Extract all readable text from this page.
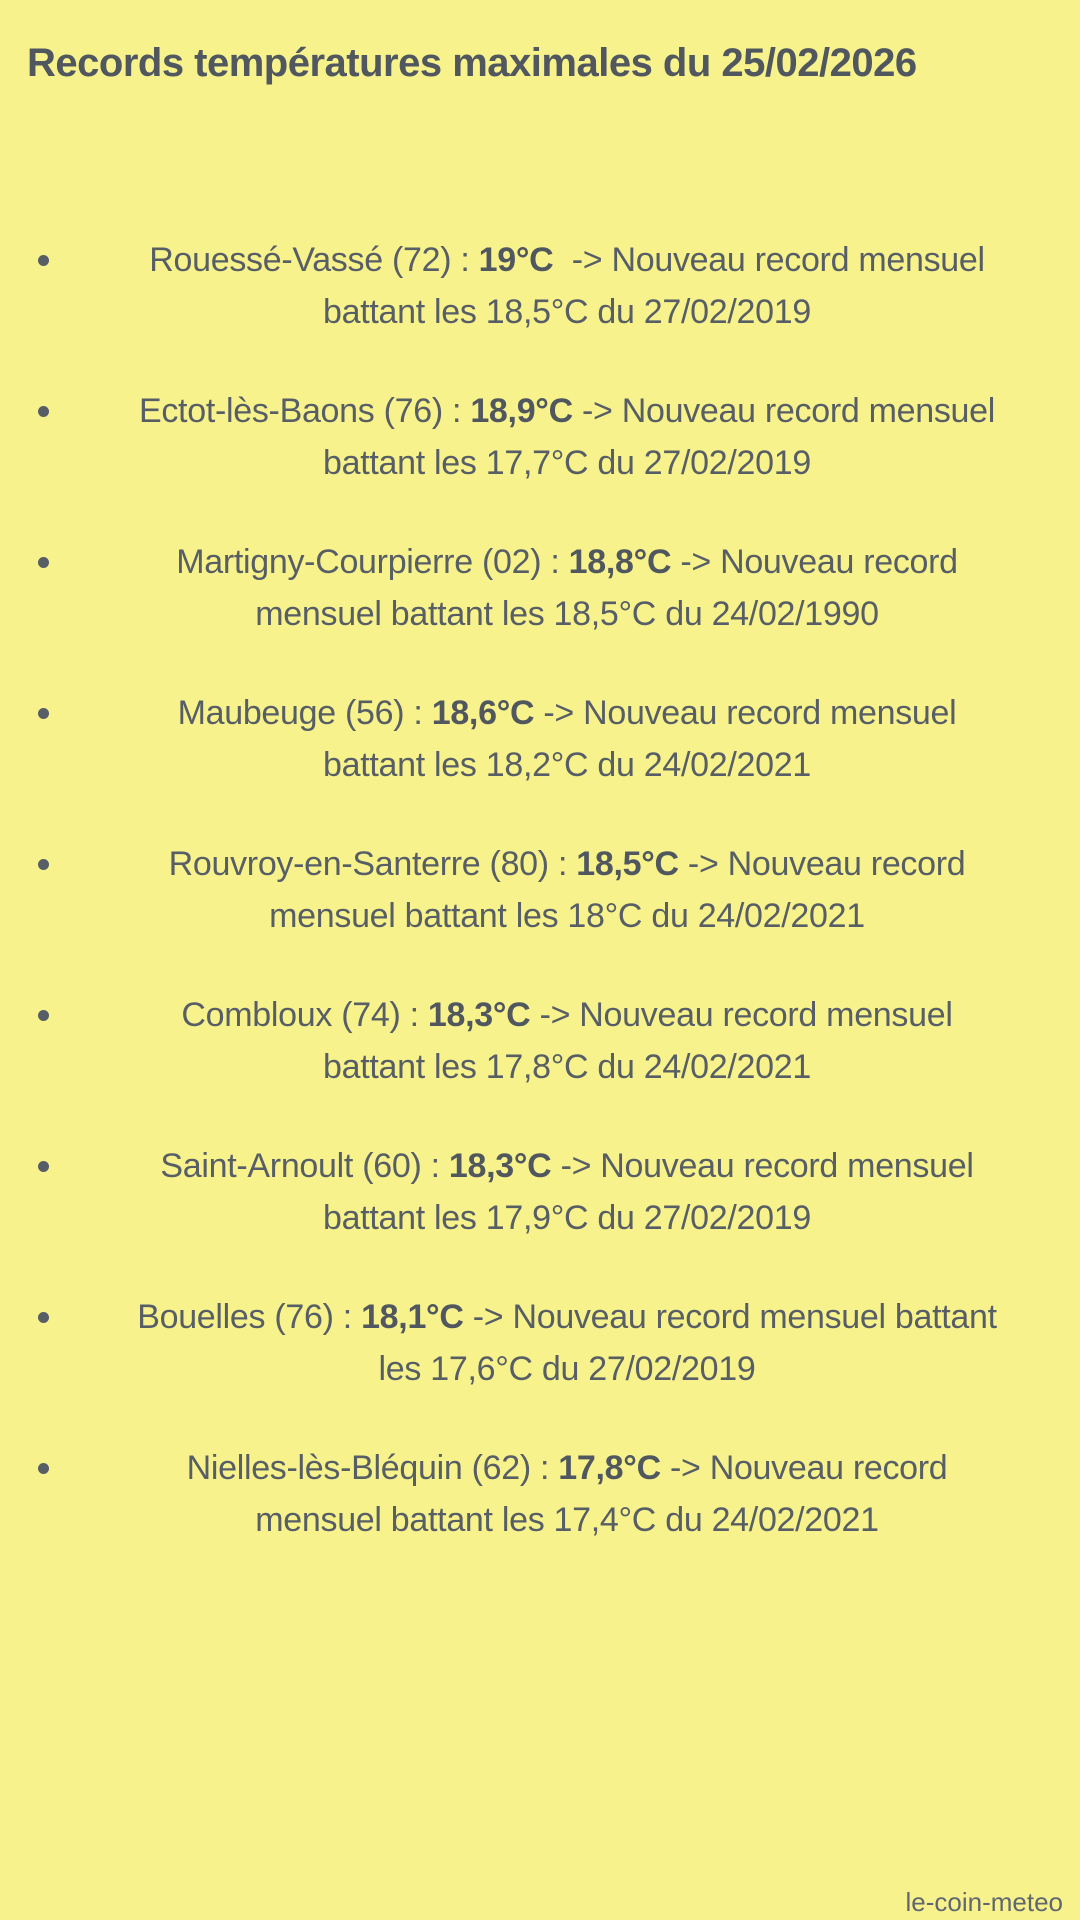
Records températures maximales du 25/02/2026
Rouessé-Vassé (72) : 19°C  -> Nouveau record mensuel
battant les 18,5°C du 27/02/2019
Ectot-lès-Baons (76) : 18,9°C -> Nouveau record mensuel
battant les 17,7°C du 27/02/2019
Martigny-Courpierre (02) : 18,8°C -> Nouveau record
mensuel battant les 18,5°C du 24/02/1990
Maubeuge (56) : 18,6°C -> Nouveau record mensuel
battant les 18,2°C du 24/02/2021
Rouvroy-en-Santerre (80) : 18,5°C -> Nouveau record
mensuel battant les 18°C du 24/02/2021
Combloux (74) : 18,3°C -> Nouveau record mensuel
battant les 17,8°C du 24/02/2021
Saint-Arnoult (60) : 18,3°C -> Nouveau record mensuel
battant les 17,9°C du 27/02/2019
Bouelles (76) : 18,1°C -> Nouveau record mensuel battant
les 17,6°C du 27/02/2019
Nielles-lès-Bléquin (62) : 17,8°C -> Nouveau record
mensuel battant les 17,4°C du 24/02/2021
le-coin-meteo
